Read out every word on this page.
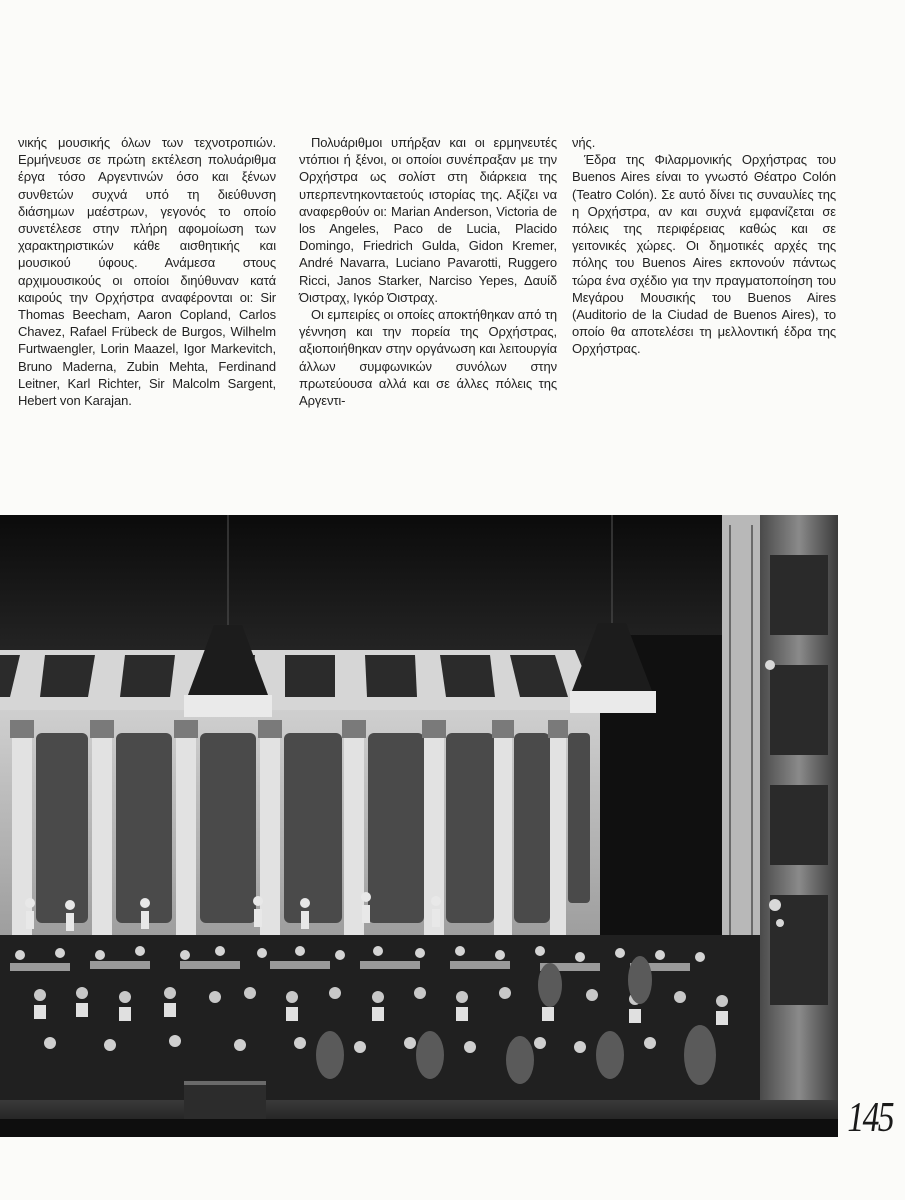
νικής μουσικής όλων των τεχνοτροπιών. Ερμήνευσε σε πρώτη εκτέλεση πολυάριθμα έργα τόσο Αργεντινών όσο και ξένων συνθετών συχνά υπό τη διεύθυνση διάσημων μαέστρων, γεγονός το οποίο συνετέλεσε στην πλήρη αφομοίωση των χαρακτηριστικών κάθε αισθητικής και μουσικού ύφους. Ανάμεσα στους αρχιμουσικούς οι οποίοι διηύθυναν κατά καιρούς την Ορχήστρα αναφέρονται οι: Sir Thomas Beecham, Aaron Copland, Carlos Chavez, Rafael Frübeck de Burgos, Wilhelm Furtwaengler, Lorin Maazel, Igor Markevitch, Bruno Maderna, Zubin Mehta, Ferdinand Leitner, Karl Richter, Sir Malcolm Sargent, Hebert von Karajan.

Πολυάριθμοι υπήρξαν και οι ερμηνευτές ντόπιοι ή ξένοι, οι οποίοι συνέπραξαν με την Ορχήστρα ως σολίστ στη διάρκεια της υπερπεντηκονταετούς ιστορίας της. Αξίζει να αναφερθούν οι: Marian Anderson, Victoria de los Angeles, Paco de Lucia, Placido Domingo, Friedrich Gulda, Gidon Kremer, André Navarra, Luciano Pavarotti, Ruggero Ricci, Janos Starker, Narciso Yepes, Δαυίδ Όιστραχ, Ιγκόρ Όιστραχ.

Οι εμπειρίες οι οποίες αποκτήθηκαν από τη γέννηση και την πορεία της Ορχήστρας, αξιοποιήθηκαν στην οργάνωση και λειτουργία άλλων συμφωνικών συνόλων στην πρωτεύουσα αλλά και σε άλλες πόλεις της Αργεντι-

νής.

Έδρα της Φιλαρμονικής Ορχήστρας του Buenos Aires είναι το γνωστό Θέατρο Colón (Teatro Colón). Σε αυτό δίνει τις συναυλίες της η Ορχήστρα, αν και συχνά εμφανίζεται σε πόλεις της περιφέρειας καθώς και σε γειτονικές χώρες. Οι δημοτικές αρχές της πόλης του Buenos Aires εκπονούν πάντως τώρα ένα σχέδιο για την πραγματοποίηση του Μεγάρου Μουσικής του Buenos Aires (Auditorio de la Ciudad de Buenos Aires), το οποίο θα αποτελέσει τη μελλοντική έδρα της Ορχήστρας.

145
